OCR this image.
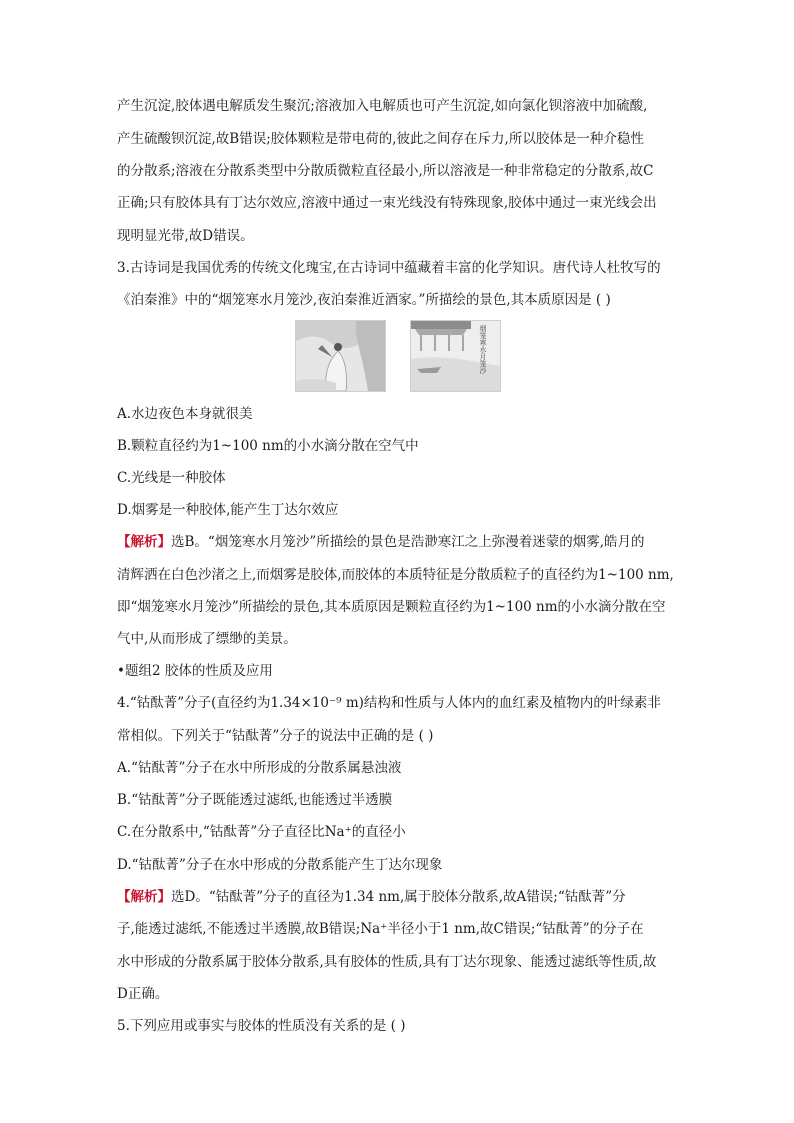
产生沉淀,胶体遇电解质发生聚沉;溶液加入电解质也可产生沉淀,如向氯化钡溶液中加硫酸,
产生硫酸钡沉淀,故B错误;胶体颗粒是带电荷的,彼此之间存在斥力,所以胶体是一种介稳性
的分散系;溶液在分散系类型中分散质微粒直径最小,所以溶液是一种非常稳定的分散系,故C
正确;只有胶体具有丁达尔效应,溶液中通过一束光线没有特殊现象,胶体中通过一束光线会出
现明显光带,故D错误。
3.古诗词是我国优秀的传统文化瑰宝,在古诗词中蕴藏着丰富的化学知识。唐代诗人杜牧写的
《泊秦淮》中的“烟笼寒水月笼沙,夜泊秦淮近酒家。”所描绘的景色,其本质原因是 ( )
烟笼寒水月笼沙
A.水边夜色本身就很美
B.颗粒直径约为1~100 nm的小水滴分散在空气中
C.光线是一种胶体
D.烟雾是一种胶体,能产生丁达尔效应
【解析】选B。“烟笼寒水月笼沙”所描绘的景色是浩渺寒江之上弥漫着迷蒙的烟雾,皓月的
清辉洒在白色沙渚之上,而烟雾是胶体,而胶体的本质特征是分散质粒子的直径约为1~100 nm,
即“烟笼寒水月笼沙”所描绘的景色,其本质原因是颗粒直径约为1~100 nm的小水滴分散在空
气中,从而形成了缥缈的美景。
•题组2 胶体的性质及应用
4.“钴酞菁”分子(直径约为1.34×10⁻⁹ m)结构和性质与人体内的血红素及植物内的叶绿素非
常相似。下列关于“钴酞菁”分子的说法中正确的是 ( )
A.“钴酞菁”分子在水中所形成的分散系属悬浊液
B.“钴酞菁”分子既能透过滤纸,也能透过半透膜
C.在分散系中,“钴酞菁”分子直径比Na⁺的直径小
D.“钴酞菁”分子在水中形成的分散系能产生丁达尔现象
【解析】选D。“钴酞菁”分子的直径为1.34 nm,属于胶体分散系,故A错误;“钴酞菁”分
子,能透过滤纸,不能透过半透膜,故B错误;Na⁺半径小于1 nm,故C错误;“钴酞菁”的分子在
水中形成的分散系属于胶体分散系,具有胶体的性质,具有丁达尔现象、能透过滤纸等性质,故
D正确。
5.下列应用或事实与胶体的性质没有关系的是 ( )
